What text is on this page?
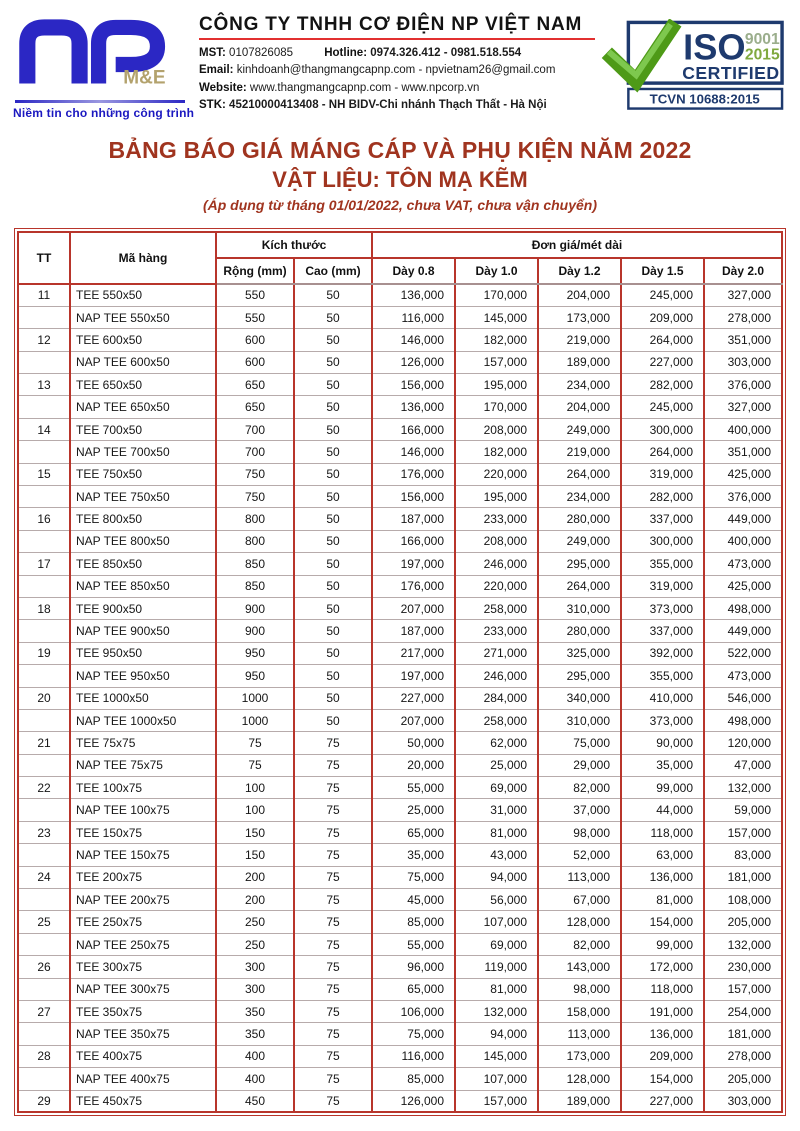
M&E
Niềm tin cho những công trình
CÔNG TY TNHH CƠ ĐIỆN NP VIỆT NAM
MST: 0107826085	Hotline: 0974.326.412 - 0981.518.554
Email: kinhdoanh@thangmangcapnp.com - npvietnam26@gmail.com
Website: www.thangmangcapnp.com - www.npcorp.vn
STK: 45210000413408 - NH BIDV-Chi nhánh Thạch Thất - Hà Nội
ISO 9001
2015
CERTIFIED
TCVN 10688:2015
BẢNG BÁO GIÁ MÁNG CÁP VÀ PHỤ KIỆN NĂM 2022
VẬT LIỆU: TÔN MẠ KẼM
(Áp dụng từ tháng 01/01/2022, chưa VAT, chưa vận chuyển)
TT	Mã hàng	Kích thước		Đơn giá/mét dài				
		Rộng (mm)	Cao (mm)	Dày 0.8	Dày 1.0	Dày 1.2	Dày 1.5	Dày 2.0
11	TEE 550x50	550	50	136,000	170,000	204,000	245,000	327,000
	NAP TEE 550x50	550	50	116,000	145,000	173,000	209,000	278,000
12	TEE 600x50	600	50	146,000	182,000	219,000	264,000	351,000
	NAP TEE 600x50	600	50	126,000	157,000	189,000	227,000	303,000
13	TEE 650x50	650	50	156,000	195,000	234,000	282,000	376,000
	NAP TEE 650x50	650	50	136,000	170,000	204,000	245,000	327,000
14	TEE 700x50	700	50	166,000	208,000	249,000	300,000	400,000
	NAP TEE 700x50	700	50	146,000	182,000	219,000	264,000	351,000
15	TEE 750x50	750	50	176,000	220,000	264,000	319,000	425,000
	NAP TEE 750x50	750	50	156,000	195,000	234,000	282,000	376,000
16	TEE 800x50	800	50	187,000	233,000	280,000	337,000	449,000
	NAP TEE 800x50	800	50	166,000	208,000	249,000	300,000	400,000
17	TEE 850x50	850	50	197,000	246,000	295,000	355,000	473,000
	NAP TEE 850x50	850	50	176,000	220,000	264,000	319,000	425,000
18	TEE 900x50	900	50	207,000	258,000	310,000	373,000	498,000
	NAP TEE 900x50	900	50	187,000	233,000	280,000	337,000	449,000
19	TEE 950x50	950	50	217,000	271,000	325,000	392,000	522,000
	NAP TEE 950x50	950	50	197,000	246,000	295,000	355,000	473,000
20	TEE 1000x50	1000	50	227,000	284,000	340,000	410,000	546,000
	NAP TEE 1000x50	1000	50	207,000	258,000	310,000	373,000	498,000
21	TEE 75x75	75	75	50,000	62,000	75,000	90,000	120,000
	NAP TEE 75x75	75	75	20,000	25,000	29,000	35,000	47,000
22	TEE 100x75	100	75	55,000	69,000	82,000	99,000	132,000
	NAP TEE 100x75	100	75	25,000	31,000	37,000	44,000	59,000
23	TEE 150x75	150	75	65,000	81,000	98,000	118,000	157,000
	NAP TEE 150x75	150	75	35,000	43,000	52,000	63,000	83,000
24	TEE 200x75	200	75	75,000	94,000	113,000	136,000	181,000
	NAP TEE 200x75	200	75	45,000	56,000	67,000	81,000	108,000
25	TEE 250x75	250	75	85,000	107,000	128,000	154,000	205,000
	NAP TEE 250x75	250	75	55,000	69,000	82,000	99,000	132,000
26	TEE 300x75	300	75	96,000	119,000	143,000	172,000	230,000
	NAP TEE 300x75	300	75	65,000	81,000	98,000	118,000	157,000
27	TEE 350x75	350	75	106,000	132,000	158,000	191,000	254,000
	NAP TEE 350x75	350	75	75,000	94,000	113,000	136,000	181,000
28	TEE 400x75	400	75	116,000	145,000	173,000	209,000	278,000
	NAP TEE 400x75	400	75	85,000	107,000	128,000	154,000	205,000
29	TEE 450x75	450	75	126,000	157,000	189,000	227,000	303,000
